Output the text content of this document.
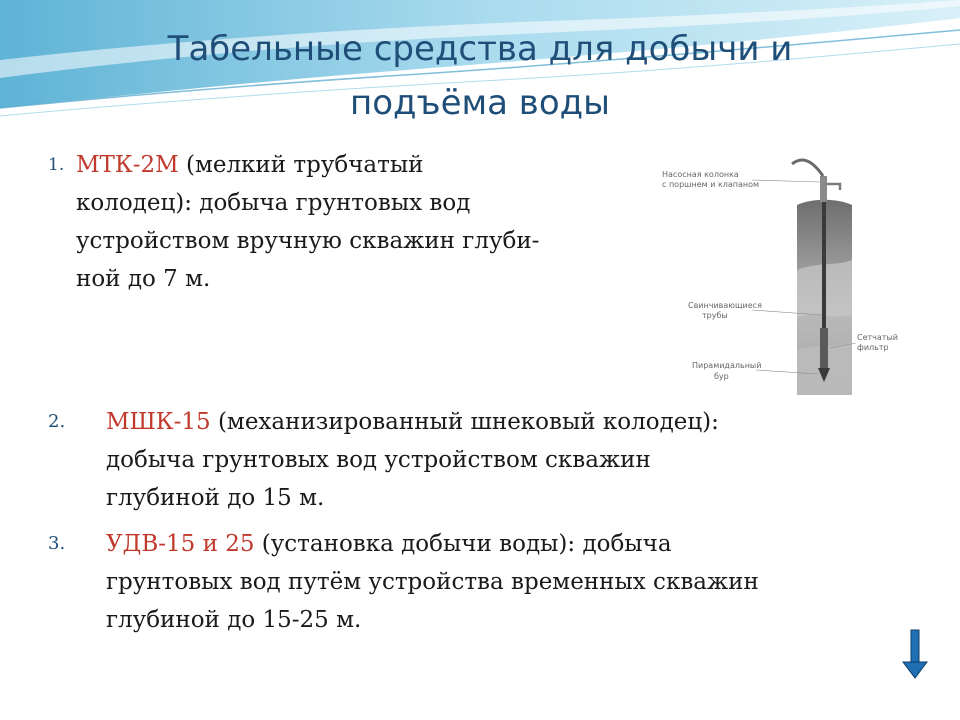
Табельные средства для добычи и
подъёма воды
1. МТК-2М (мелкий трубчатый
колодец): добыча грунтовых вод
устройством вручную скважин глуби-
ной до 7 м.
Насосная колонка
с поршнем и клапаном
Свинчивающиеся
трубы
Сетчатый
фильтр
Пирамидальный
бур
2. МШК-15 (механизированный шнековый колодец):
добыча грунтовых вод устройством скважин
глубиной до 15 м.
3. УДВ-15 и 25 (установка добычи воды): добыча
грунтовых вод путём устройства временных скважин
глубиной до 15-25 м.
